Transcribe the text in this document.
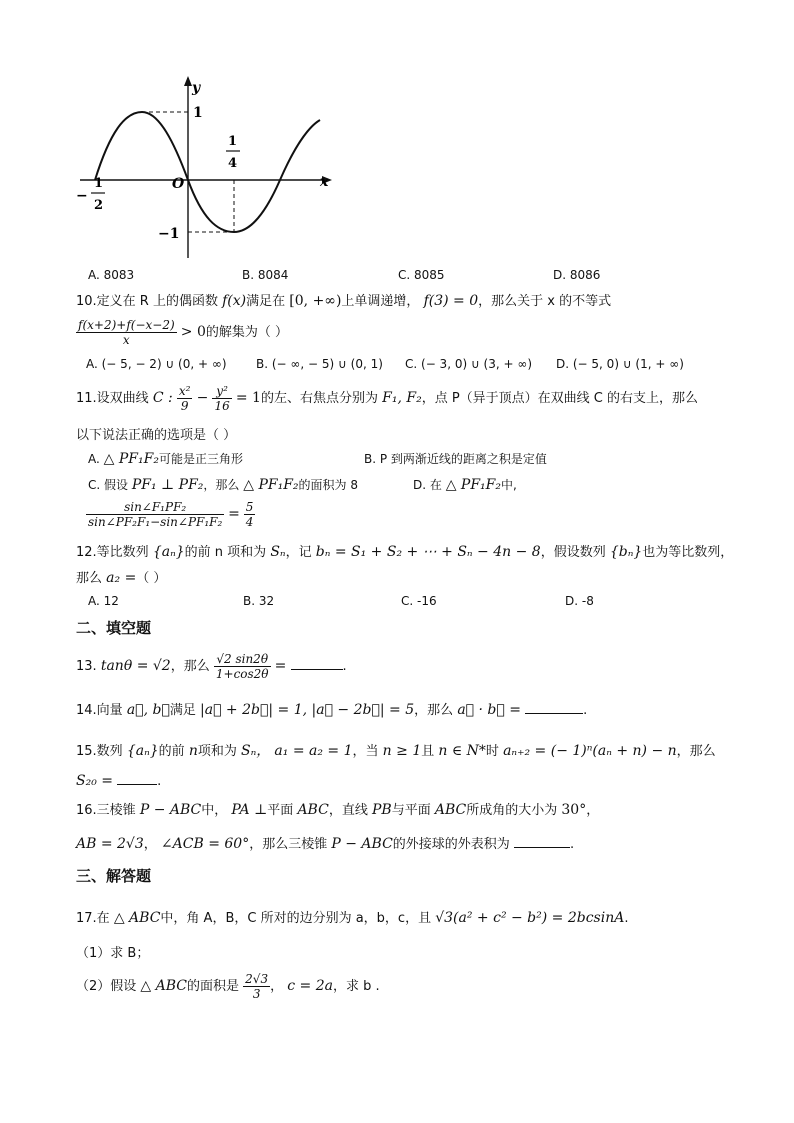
y
x
O
1
−1
1
4
−
1
2
A. 8083	B. 8084	C. 8085	D. 8086
10.定义在 R 上的偶函数 f(x)满足在 [0, +∞)上单调递增， f(3) = 0，那么关于 x 的不等式
$\frac{f(x+2)+f(-x-2)}{x} > 0$的解集为（ ）
A. (− 5, − 2) ∪ (0, + ∞) B. (− ∞, − 5) ∪ (0, 1) C. (− 3, 0) ∪ (3, + ∞) D. (− 5, 0) ∪ (1, + ∞)
11.设双曲线 C : $\frac{\text{x²}}{9} - \frac{\text{y²}}{16} = 1$的左、右焦点分别为 F₁, F₂，点 P（异于顶点）在双曲线 C 的右支上，那么
以下说法正确的选项是（ ）
A. △ PF₁F₂可能是正三角形	B. P 到两渐近线的距离之积是定值
C. 假设 PF₁ ⊥ PF₂，那么 △ PF₁F₂的面积为 8	D. 在 △ PF₁F₂中,
$\frac{\text{sin∠F₁PF₂}}{\text{sin∠PF₂F₁−sin∠PF₁F₂}} = \frac{5}{4}$
12.等比数列 {aₙ}的前 n 项和为 Sₙ，记 bₙ = S₁ + S₂ + ⋯ + Sₙ − 4n − 8，假设数列 {bₙ}也为等比数列，
那么 a₂ =（ ）
A. 12	B. 32	C. -16	D. -8
二、填空题
13. tanθ = √2，那么 $\frac{√2 \sin 2\theta}{1+\cos 2\theta}$ =	.
14.向量 a⃗, b⃗满足 |a⃗ + 2b⃗| = 1, |a⃗ − 2b⃗| = 5，那么 a⃗ · b⃗ =	.
15.数列 {aₙ}的前 n项和为 Sₙ， a₁ = a₂ = 1，当 n ≥ 1且 n ∈ N*时 aₙ₊₂ = (− 1)ⁿ(aₙ + n) − n，那么
S₂₀ =	.
16.三棱锥 P − ABC中， PA ⊥平面 ABC，直线 PB与平面 ABC所成角的大小为 30°，
AB = 2√3， ∠ACB = 60°，那么三棱锥 P − ABC的外接球的外表积为	.
三、解答题
17.在 △ ABC中，角 A，B，C 所对的边分别为 a，b，c，且 √3(a² + c² − b²) = 2bcsinA.
（1）求 B；
（2）假设 △ ABC的面积是 $\frac{2√3}{3}$ ， c = 2a，求 b .
